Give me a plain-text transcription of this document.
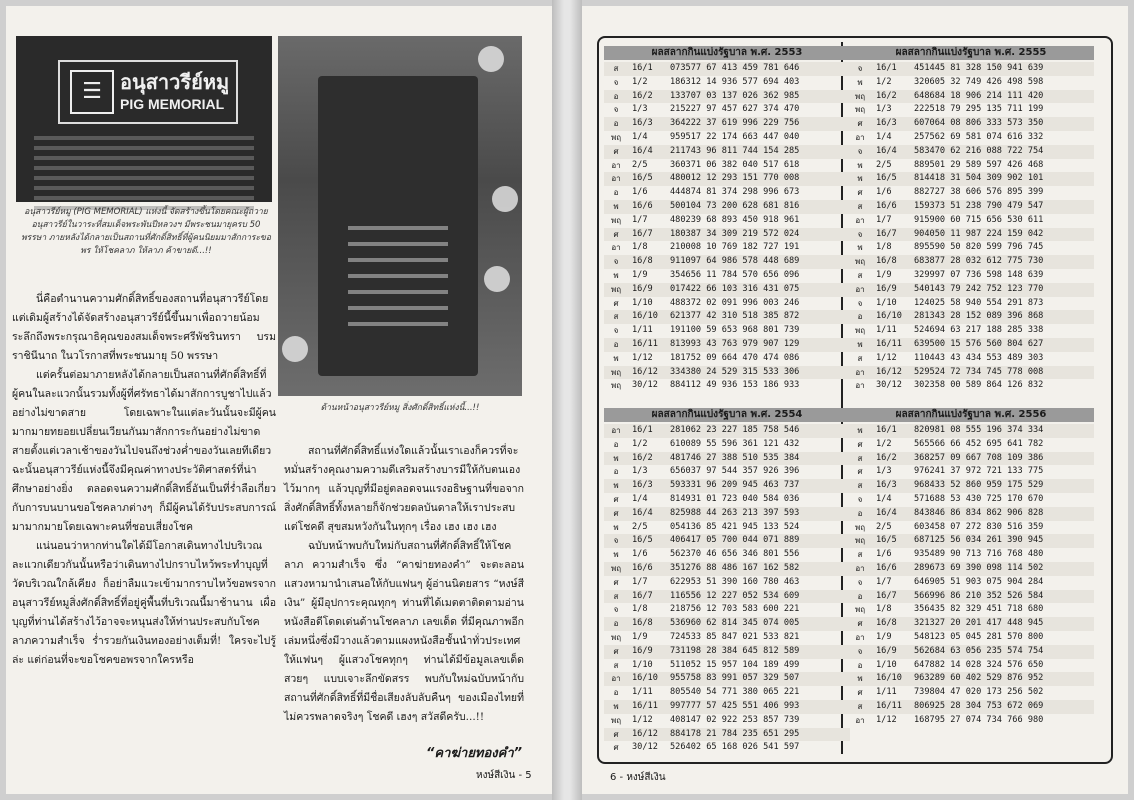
☰ อนุสาวรีย์หมู
PIG MEMORIAL
อนุสาวรีย์หมู (PIG MEMORIAL) แห่งนี้ จัดสร้างขึ้นโดยคณะผู้ถวายอนุสาวรีย์ในวาระที่สมเด็จพระพันปีหลวงฯ มีพระชนมายุครบ 50 พรรษา ภายหลังได้กลายเป็นสถานที่ศักดิ์สิทธิ์ที่ผู้คนนิยมมาสักการะขอพร ให้โชคลาภ ให้ลาภ ค้าขายดี...!!
ด้านหน้าอนุสาวรีย์หมู สิ่งศักดิ์สิทธิ์แห่งนี้...!!

นี่คือตำนานความศักดิ์สิทธิ์ของสถานที่อนุสาวรีย์โดยแต่เดิมผู้สร้างได้จัดสร้างอนุสาวรีย์นี้ขึ้นมาเพื่อถวายน้อมระลึกถึงพระกรุณาธิคุณของสมเด็จพระศรีพัชรินทรา บรมราชินีนาถ ในวโรกาสที่พระชนมายุ 50 พรรษา

แต่ครั้นต่อมาภายหลังได้กลายเป็นสถานที่ศักดิ์สิทธิ์ที่ผู้คนในละแวกนั้นรวมทั้งผู้ที่ศรัทธาได้มาสักการบูชาไปแล้วอย่างไม่ขาดสาย โดยเฉพาะในแต่ละวันนั้นจะมีผู้คนมากมายทยอยเปลี่ยนเวียนกันมาสักการะกันอย่างไม่ขาดสายตั้งแต่เวลาเช้าของวันไปจนถึงช่วงค่ำของวันเลยทีเดียว ฉะนั้นอนุสาวรีย์แห่งนี้จึงมีคุณค่าทางประวัติศาสตร์ที่น่าศึกษาอย่างยิ่ง ตลอดจนความศักดิ์สิทธิ์อันเป็นที่ร่ำลือเกี่ยวกับการบนบานขอโชคลาภต่างๆ ก็มีผู้คนได้รับประสบการณ์มามากมายโดยเฉพาะคนที่ชอบเสี่ยงโชค

แน่นอนว่าหากท่านใดได้มีโอกาสเดินทางไปบริเวณละแวกเดียวกันนั้นหรือว่าเดินทางไปกราบไหว้พระทำบุญที่วัดบริเวณใกล้เคียง ก็อย่าลืมแวะเข้ามากราบไหว้ขอพรจากอนุสาวรีย์หมูสิ่งศักดิ์สิทธิ์ที่อยู่คู่พื้นที่บริเวณนี้มาช้านาน เผื่อบุญที่ท่านได้สร้างไว้อาจจะหนุนส่งให้ท่านประสบกับโชคลาภความสำเร็จ ร่ำรวยกันเงินทองอย่างเต็มที่! ใครจะไปรู้ล่ะ แต่ก่อนที่จะขอโชคขอพรจากใครหรือ

สถานที่ศักดิ์สิทธิ์แห่งใดแล้วนั้นเราเองก็ควรที่จะหมั่นสร้างคุณงามความดีเสริมสร้างบารมีให้กับตนเองไว้มากๆ แล้วบุญที่มีอยู่ตลอดจนแรงอธิษฐานที่ขอจากสิ่งศักดิ์สิทธิ์ทั้งหลายก็จักช่วยดลบันดาลให้เราประสบแต่โชคดี สุขสมหวังกันในทุกๆ เรื่อง เฮง เฮง เฮง

ฉบับหน้าพบกับใหม่กับสถานที่ศักดิ์สิทธิ์ให้โชคลาภ ความสำเร็จ ซึ่ง “คาฆ่ายทองคำ” จะตะลอนแสวงหามานำเสนอให้กับแฟนๆ ผู้อ่านนิตยสาร “หงษ์สีเงิน” ผู้มีอุปการะคุณทุกๆ ท่านที่ได้เมตตาติดตามอ่านหนังสือดีโดดเด่นด้านโชคลาภ เลขเด็ด ที่มีคุณภาพอีกเล่มหนึ่งซึ่งมีวางแล้วตามแผงหนังสือชั้นนำทั่วประเทศให้แฟนๆ ผู้แสวงโชคทุกๆ ท่านได้มีข้อมูลเลขเด็ด สวยๆ แบบเจาะลึกขัดสรร พบกับใหม่ฉบับหน้ากับสถานที่ศักดิ์สิทธิ์ที่มีชื่อเสียงลับลับคืนๆ ของเมืองไทยที่ไม่ควรพลาดจริงๆ โชคดี เฮงๆ สวัสดีครับ...!!

“คาฆ่ายทองคำ”
หงษ์สีเงิน - 5
ผลสลากกินแบ่งรัฐบาล พ.ศ. 2553
ส	16/1	073577 67 413 459 781 646
จ	1/2	186312 14 936 577 694 403
อ	16/2	133707 03 137 026 362 985
จ	1/3	215227 97 457 627 374 470
อ	16/3	364222 37 619 996 229 756
พฤ	1/4	959517 22 174 663 447 040
ศ	16/4	211743 96 811 744 154 285
อา	2/5	360371 06 382 040 517 618
อา	16/5	480012 12 293 151 770 008
อ	1/6	444874 81 374 298 996 673
พ	16/6	500104 73 200 628 681 816
พฤ	1/7	480239 68 893 450 918 961
ศ	16/7	180387 34 309 219 572 024
อา	1/8	210008 10 769 182 727 191
จ	16/8	911097 64 986 578 448 689
พ	1/9	354656 11 784 570 656 096
พฤ	16/9	017422 66 103 316 431 075
ศ	1/10	488372 02 091 996 003 246
ส	16/10	621377 42 310 518 385 872
จ	1/11	191100 59 653 968 801 739
อ	16/11	813993 43 763 979 907 129
พ	1/12	181752 09 664 470 474 086
พฤ	16/12	334380 24 529 315 533 306
พฤ	30/12	884112 49 936 153 186 933
ผลสลากกินแบ่งรัฐบาล พ.ศ. 2555
จ	16/1	451445 81 328 150 941 639
พ	1/2	320605 32 749 426 498 598
พฤ	16/2	648684 18 906 214 111 420
พฤ	1/3	222518 79 295 135 711 199
ศ	16/3	607064 08 806 333 573 350
อา	1/4	257562 69 581 074 616 332
จ	16/4	583470 62 216 088 722 754
พ	2/5	889501 29 589 597 426 468
พ	16/5	814418 31 504 309 902 101
ศ	1/6	882727 38 606 576 895 399
ส	16/6	159373 51 238 790 479 547
อา	1/7	915900 60 715 656 530 611
จ	16/7	904050 11 987 224 159 042
พ	1/8	895590 50 820 599 796 745
พฤ	16/8	683877 28 032 612 775 730
ส	1/9	329997 07 736 598 148 639
อา	16/9	540143 79 242 752 123 770
จ	1/10	124025 58 940 554 291 873
อ	16/10	281343 28 152 089 396 868
พฤ	1/11	524694 63 217 188 285 338
พ	16/11	639500 15 576 560 804 627
ส	1/12	110443 43 434 553 489 303
อา	16/12	529524 72 734 745 778 008
อา	30/12	302358 00 589 864 126 832
ผลสลากกินแบ่งรัฐบาล พ.ศ. 2554
อา	16/1	281062 23 227 185 758 546
อ	1/2	610089 55 596 361 121 432
พ	16/2	481746 27 388 510 535 384
อ	1/3	656037 97 544 357 926 396
พ	16/3	593331 96 209 945 463 737
ศ	1/4	814931 01 723 040 584 036
ศ	16/4	825988 44 263 213 397 593
พ	2/5	054136 85 421 945 133 524
จ	16/5	406417 05 700 044 071 889
พ	1/6	562370 46 656 346 801 556
พฤ	16/6	351276 88 486 167 162 582
ศ	1/7	622953 51 390 160 780 463
ส	16/7	116556 12 227 052 534 609
จ	1/8	218756 12 703 583 600 221
อ	16/8	536960 62 814 345 074 005
พฤ	1/9	724533 85 847 021 533 821
ศ	16/9	731198 28 384 645 812 589
ส	1/10	511052 15 957 104 189 499
อา	16/10	955758 83 991 057 329 507
อ	1/11	805540 54 771 380 065 221
พ	16/11	997777 57 425 551 406 993
พฤ	1/12	408147 02 922 253 857 739
ศ	16/12	884178 21 784 235 651 295
ศ	30/12	526402 65 168 026 541 597
ผลสลากกินแบ่งรัฐบาล พ.ศ. 2556
พ	16/1	820981 08 555 196 374 334
ศ	1/2	565566 66 452 695 641 782
ส	16/2	368257 09 667 708 109 386
ศ	1/3	976241 37 972 721 133 775
ส	16/3	968433 52 860 959 175 529
จ	1/4	571688 53 430 725 170 670
อ	16/4	843846 86 834 862 906 828
พฤ	2/5	603458 07 272 830 516 359
พฤ	16/5	687125 56 034 261 390 945
ส	1/6	935489 90 713 716 768 480
อา	16/6	289673 69 390 098 114 502
จ	1/7	646905 51 903 075 904 284
อ	16/7	566996 86 210 352 526 584
พฤ	1/8	356435 82 329 451 718 680
ศ	16/8	321327 20 201 417 448 945
อา	1/9	548123 05 045 281 570 800
จ	16/9	562684 63 056 235 574 754
อ	1/10	647882 14 028 324 576 650
พ	16/10	963289 60 402 529 876 952
ศ	1/11	739804 47 020 173 256 502
ส	16/11	806925 28 304 753 672 069
อา	1/12	168795 27 074 734 766 980
6 - หงษ์สีเงิน
